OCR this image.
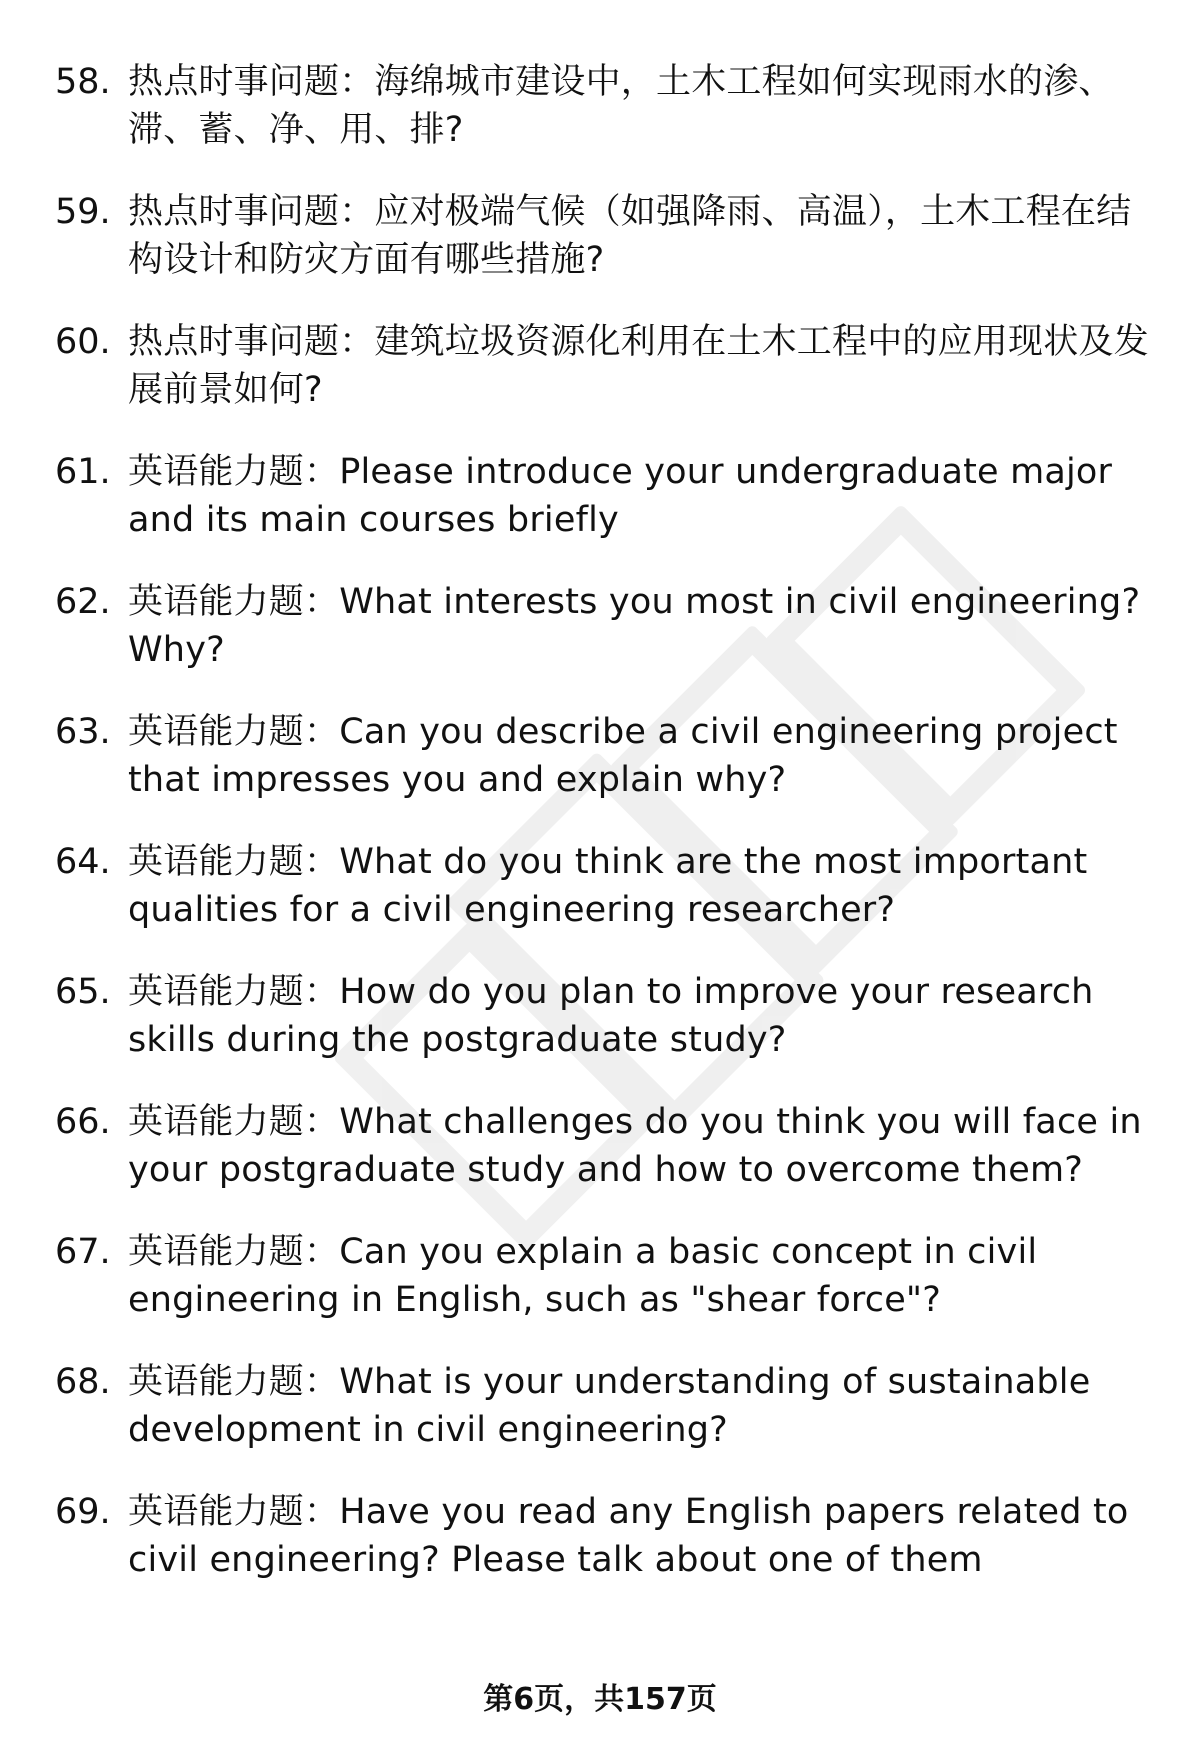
58. 热点时事问题：海绵城市建设中，土木工程如何实现雨水的渗、滞、蓄、净、用、排?
59. 热点时事问题：应对极端气候（如强降雨、高温），土木工程在结构设计和防灾方面有哪些措施?
60. 热点时事问题：建筑垃圾资源化利用在土木工程中的应用现状及发展前景如何?
61. 英语能力题：Please introduce your undergraduate major and its main courses briefly
62. 英语能力题：What interests you most in civil engineering? Why?
63. 英语能力题：Can you describe a civil engineering project that impresses you and explain why?
64. 英语能力题：What do you think are the most important qualities for a civil engineering researcher?
65. 英语能力题：How do you plan to improve your research skills during the postgraduate study?
66. 英语能力题：What challenges do you think you will face in your postgraduate study and how to overcome them?
67. 英语能力题：Can you explain a basic concept in civil engineering in English, such as "shear force"?
68. 英语能力题：What is your understanding of sustainable development in civil engineering?
69. 英语能力题：Have you read any English papers related to civil engineering? Please talk about one of them
第6页，共157页
